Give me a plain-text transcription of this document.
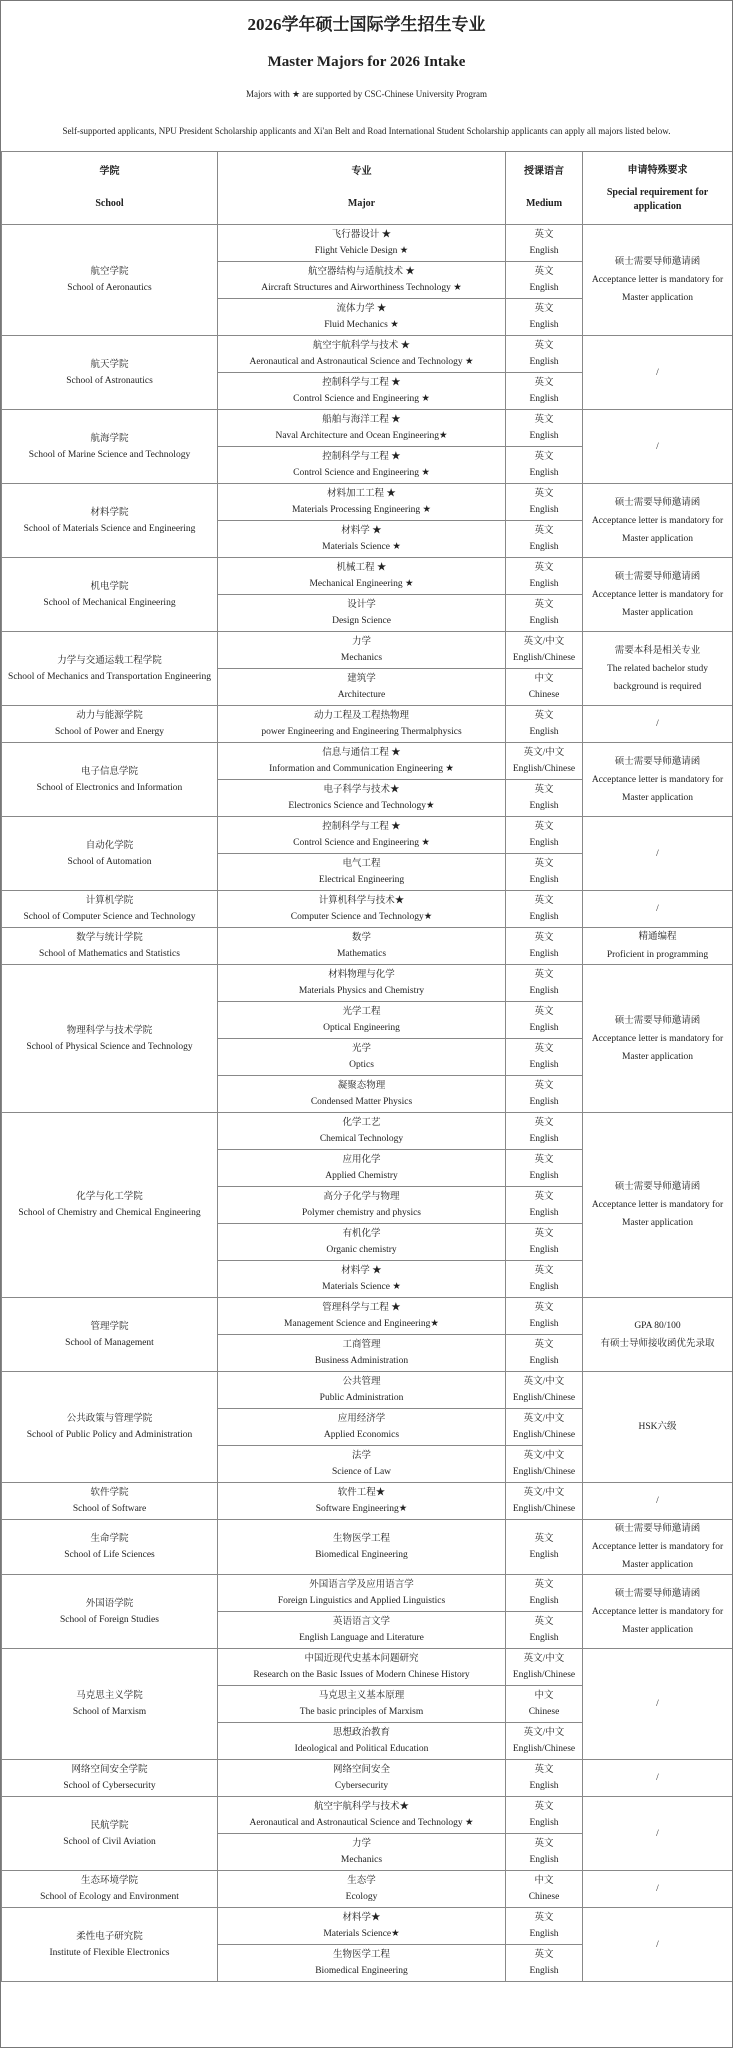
2026学年硕士国际学生招生专业
Master Majors for 2026 Intake
Majors with ★ are supported by CSC-Chinese University Program
Self-supported applicants, NPU President Scholarship applicants and Xi'an Belt and Road International Student Scholarship applicants can apply all majors listed below.
学院
School	专业
Major	授课语言
Medium	申请特殊要求
Special requirement for application

航空学院
School of Aeronautics	飞行器设计 ★
Flight Vehicle Design ★	英文
English	硕士需要导师邀请函
Acceptance letter is mandatory for Master application

	航空器结构与适航技术 ★
Aircraft Structures and Airworthiness Technology ★	英文
English	

	流体力学 ★
Fluid Mechanics ★	英文
English	

航天学院
School of Astronautics	航空宇航科学与技术 ★
Aeronautical and Astronautical Science and Technology ★	英文
English	/

	控制科学与工程 ★
Control Science and Engineering ★	英文
English	

航海学院
School of Marine Science and Technology	船舶与海洋工程 ★
Naval Architecture and Ocean Engineering★	英文
English	/

	控制科学与工程 ★
Control Science and Engineering ★	英文
English	

材料学院
School of Materials Science and Engineering	材料加工工程 ★
Materials Processing Engineering ★	英文
English	硕士需要导师邀请函
Acceptance letter is mandatory for Master application

	材料学 ★
Materials Science ★	英文
English	

机电学院
School of Mechanical Engineering	机械工程 ★
Mechanical Engineering ★	英文
English	硕士需要导师邀请函
Acceptance letter is mandatory for Master application

	设计学
Design Science	英文
English	

力学与交通运载工程学院
School of Mechanics and Transportation Engineering	力学
Mechanics	英文/中文
English/Chinese	需要本科是相关专业
The related bachelor study background is required

	建筑学
Architecture	中文
Chinese	

动力与能源学院
School of Power and Energy	动力工程及工程热物理
power Engineering and Engineering Thermalphysics	英文
English	/

电子信息学院
School of Electronics and Information	信息与通信工程 ★
Information and Communication Engineering ★	英文/中文
English/Chinese	硕士需要导师邀请函
Acceptance letter is mandatory for Master application

	电子科学与技术★
Electronics Science and Technology★	英文
English	

自动化学院
School of Automation	控制科学与工程 ★
Control Science and Engineering ★	英文
English	/

	电气工程
Electrical Engineering	英文
English	

计算机学院
School of Computer Science and Technology	计算机科学与技术★
Computer Science and Technology★	英文
English	/

数学与统计学院
School of Mathematics and Statistics	数学
Mathematics	英文
English	精通编程
Proficient in programming

物理科学与技术学院
School of Physical Science and Technology	材料物理与化学
Materials Physics and Chemistry	英文
English	硕士需要导师邀请函
Acceptance letter is mandatory for Master application

	光学工程
Optical Engineering	英文
English	

	光学
Optics	英文
English	

	凝聚态物理
Condensed Matter Physics	英文
English	

化学与化工学院
School of Chemistry and Chemical Engineering	化学工艺
Chemical Technology	英文
English	硕士需要导师邀请函
Acceptance letter is mandatory for Master application

	应用化学
Applied Chemistry	英文
English	

	高分子化学与物理
Polymer chemistry and physics	英文
English	

	有机化学
Organic chemistry	英文
English	

	材料学 ★
Materials Science ★	英文
English	

管理学院
School of Management	管理科学与工程 ★
Management Science and Engineering★	英文
English	GPA 80/100
有硕士导师接收函优先录取

	工商管理
Business Administration	英文
English	

公共政策与管理学院
School of Public Policy and Administration	公共管理
Public Administration	英文/中文
English/Chinese	HSK六级

	应用经济学
Applied Economics	英文/中文
English/Chinese	

	法学
Science of Law	英文/中文
English/Chinese	

软件学院
School of Software	软件工程★
Software Engineering★	英文/中文
English/Chinese	/

生命学院
School of Life Sciences	生物医学工程
Biomedical Engineering	英文
English	硕士需要导师邀请函
Acceptance letter is mandatory for Master application

外国语学院
School of Foreign Studies	外国语言学及应用语言学
Foreign Linguistics and Applied Linguistics	英文
English	硕士需要导师邀请函
Acceptance letter is mandatory for Master application

	英语语言文学
English Language and Literature	英文
English	

马克思主义学院
School of Marxism	中国近现代史基本问题研究
Research on the Basic Issues of Modern Chinese History	英文/中文
English/Chinese	/

	马克思主义基本原理
The basic principles of Marxism	中文
Chinese	

	思想政治教育
Ideological and Political Education	英文/中文
English/Chinese	

网络空间安全学院
School of Cybersecurity	网络空间安全
Cybersecurity	英文
English	/

民航学院
School of Civil Aviation	航空宇航科学与技术★
Aeronautical and Astronautical Science and Technology ★	英文
English	/

	力学
Mechanics	英文
English	

生态环境学院
School of Ecology and Environment	生态学
Ecology	中文
Chinese	/

柔性电子研究院
Institute of Flexible Electronics	材料学★
Materials Science★	英文
English	/

	生物医学工程
Biomedical Engineering	英文
English	
